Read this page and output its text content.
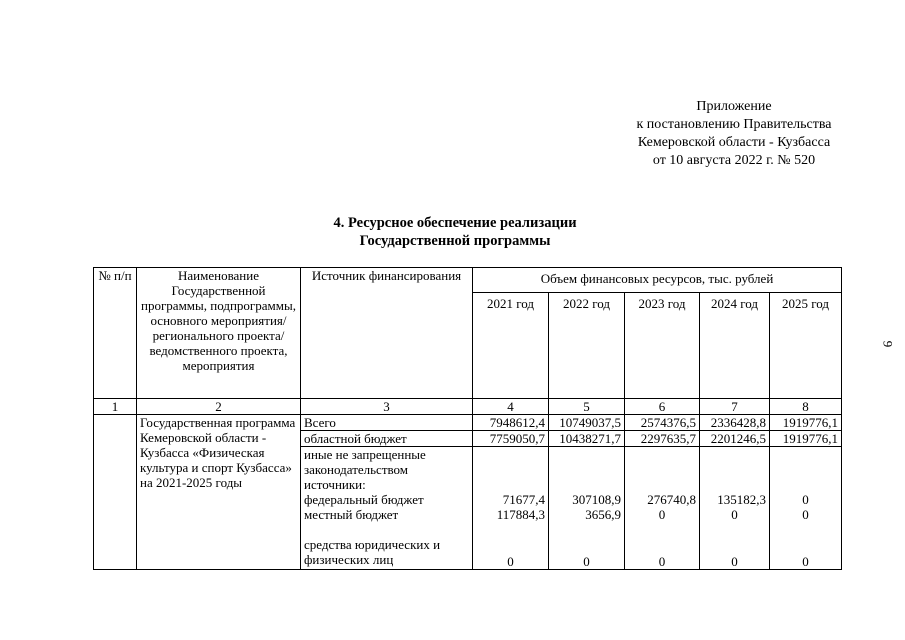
Приложение
к постановлению Правительства
Кемеровской области - Кузбасса
от 10 августа 2022 г. № 520
9
4. Ресурсное обеспечение реализации
Государственной программы
№ п/п	Наименование Государственной программы, подпрограммы, основного мероприятия/ регионального проекта/ ведомственного проекта, мероприятия	Источник финансирования	Объем финансовых ресурсов, тыс. рублей				
			2021 год	2022 год	2023 год	2024 год	2025 год
1	2	3	4	5	6	7	8
	Государственная программа Кемеровской области - Кузбасса «Физическая культура и спорт Кузбасса» на 2021-2025 годы	Всего	7948612,4	10749037,5	2574376,5	2336428,8	1919776,1
		областной бюджет	7759050,7	10438271,7	2297635,7	2201246,5	1919776,1

		иные не запрещенные законодательством источники:
федеральный бюджет	71677,4	307108,9	276740,8	135182,3	0
		местный бюджет	117884,3	3656,9	0	0	0
		средства юридических и физических лиц	0	0	0	0	0
